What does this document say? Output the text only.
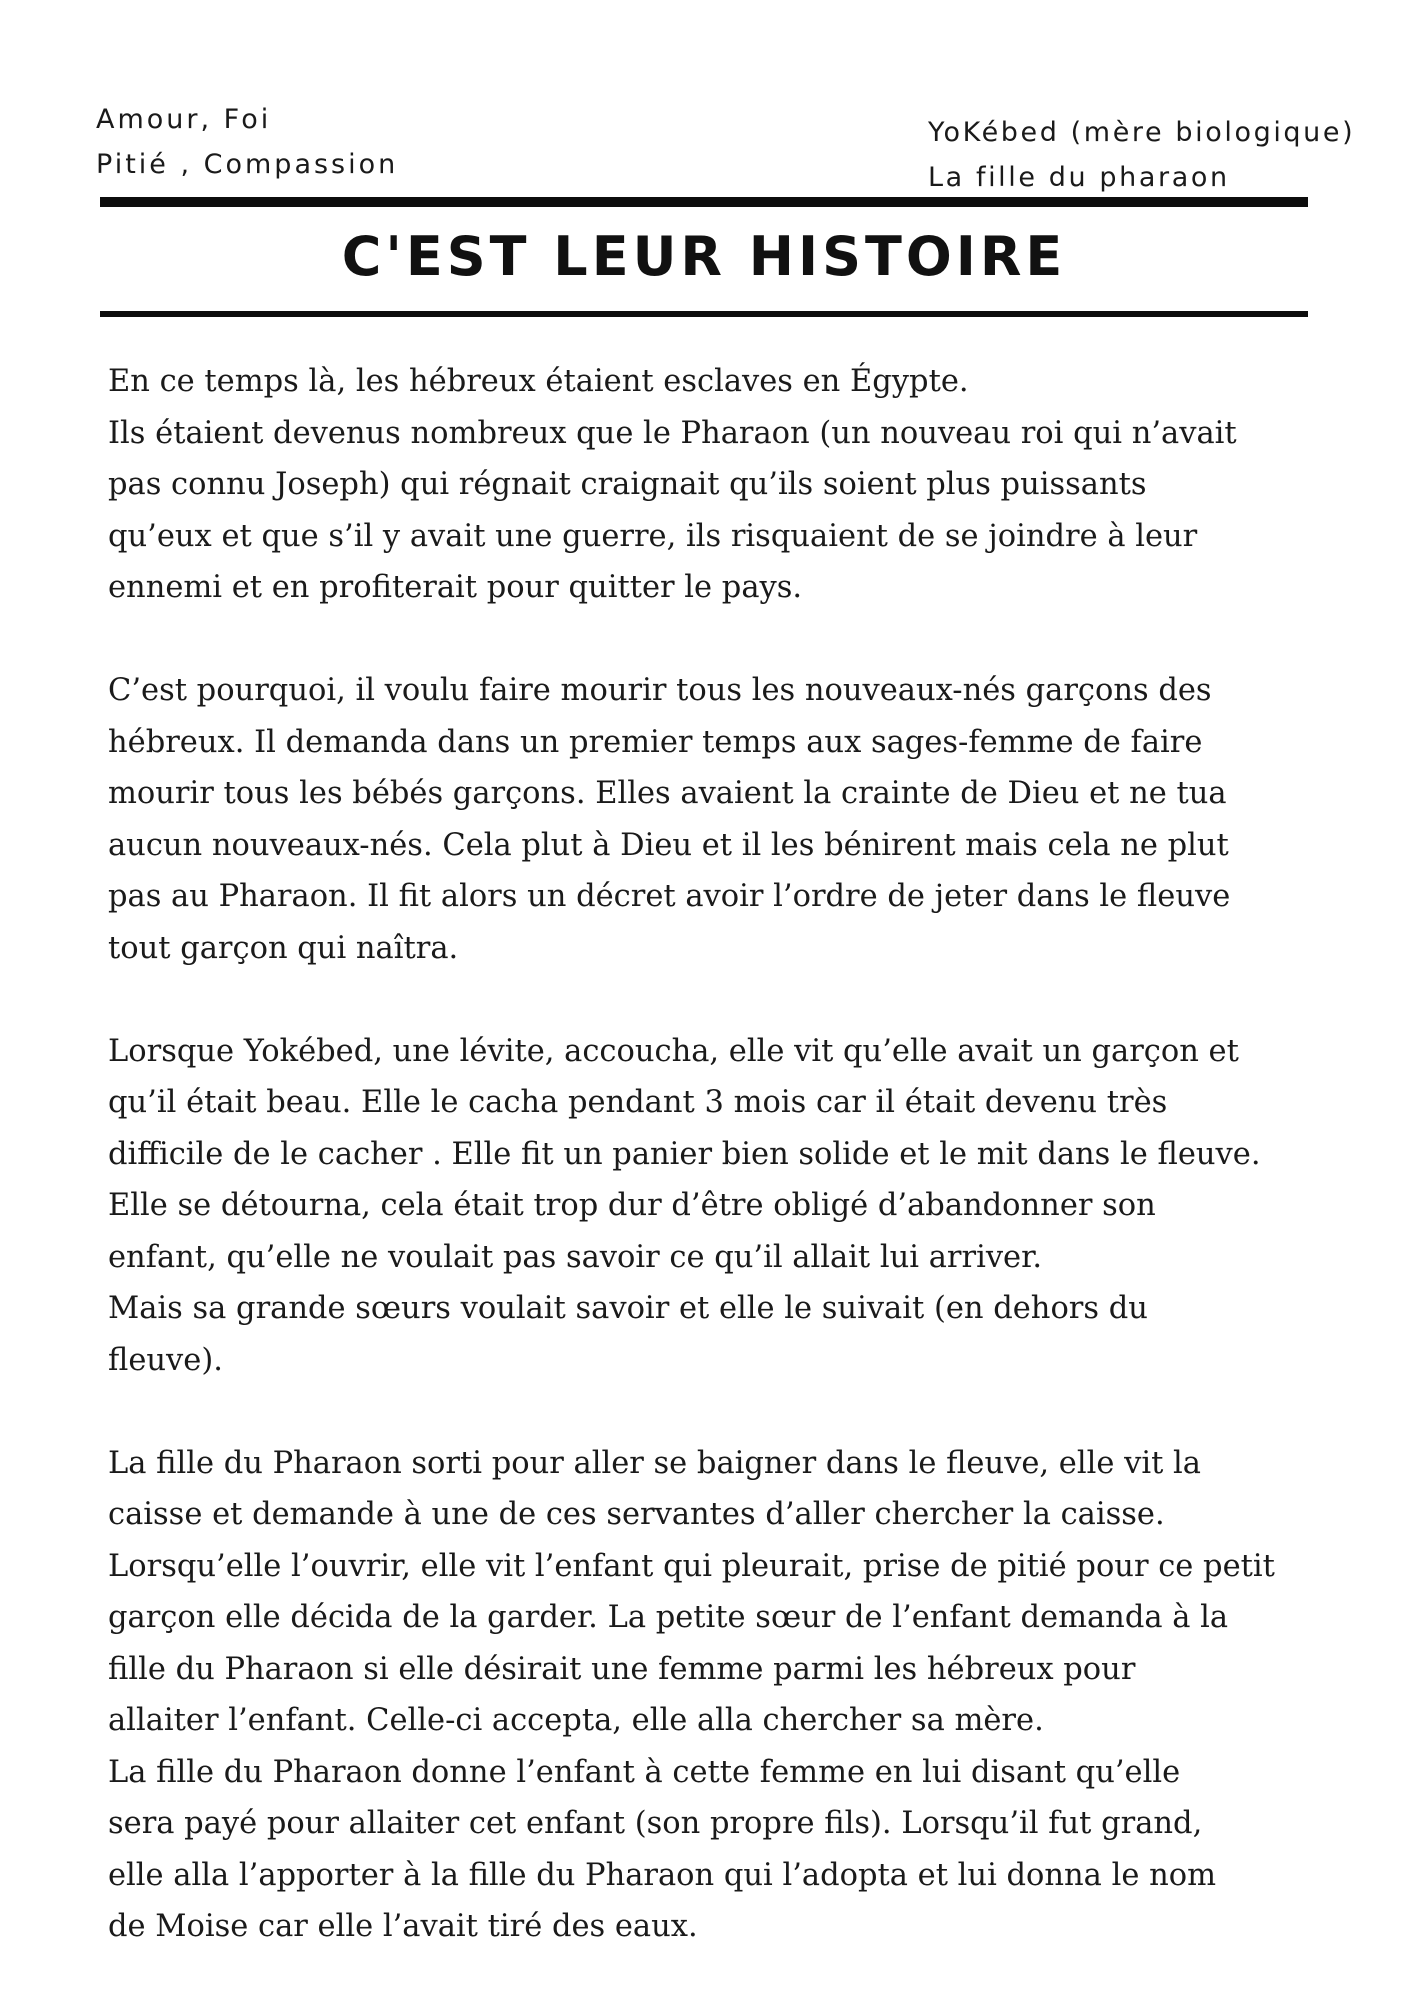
Amour, Foi
Pitié , Compassion
YoKébed (mère biologique)
La fille du pharaon
C'EST LEUR HISTOIRE

En ce temps là, les hébreux étaient esclaves en Égypte.
Ils étaient devenus nombreux que le Pharaon (un nouveau roi qui n’avait
pas connu Joseph) qui régnait craignait qu’ils soient plus puissants
qu’eux et que s’il y avait une guerre, ils risquaient de se joindre à leur
ennemi et en profiterait pour quitter le pays.

C’est pourquoi, il voulu faire mourir tous les nouveaux-nés garçons des
hébreux. Il demanda dans un premier temps aux sages-femme de faire
mourir tous les bébés garçons. Elles avaient la crainte de Dieu et ne tua
aucun nouveaux-nés. Cela plut à Dieu et il les bénirent mais cela ne plut
pas au Pharaon. Il fit alors un décret avoir l’ordre de jeter dans le fleuve
tout garçon qui naîtra.

Lorsque Yokébed, une lévite, accoucha, elle vit qu’elle avait un garçon et
qu’il était beau. Elle le cacha pendant 3 mois car il était devenu très
difficile de le cacher . Elle fit un panier bien solide et le mit dans le fleuve.
Elle se détourna, cela était trop dur d’être obligé d’abandonner son
enfant, qu’elle ne voulait pas savoir ce qu’il allait lui arriver.
Mais sa grande sœurs voulait savoir et elle le suivait (en dehors du
fleuve).

La fille du Pharaon sorti pour aller se baigner dans le fleuve, elle vit la
caisse et demande à une de ces servantes d’aller chercher la caisse.
Lorsqu’elle l’ouvrir, elle vit l’enfant qui pleurait, prise de pitié pour ce petit
garçon elle décida de la garder. La petite sœur de l’enfant demanda à la
fille du Pharaon si elle désirait une femme parmi les hébreux pour
allaiter l’enfant. Celle-ci accepta, elle alla chercher sa mère.
La fille du Pharaon donne l’enfant à cette femme en lui disant qu’elle
sera payé pour allaiter cet enfant (son propre fils). Lorsqu’il fut grand,
elle alla l’apporter à la fille du Pharaon qui l’adopta et lui donna le nom
de Moise car elle l’avait tiré des eaux.
